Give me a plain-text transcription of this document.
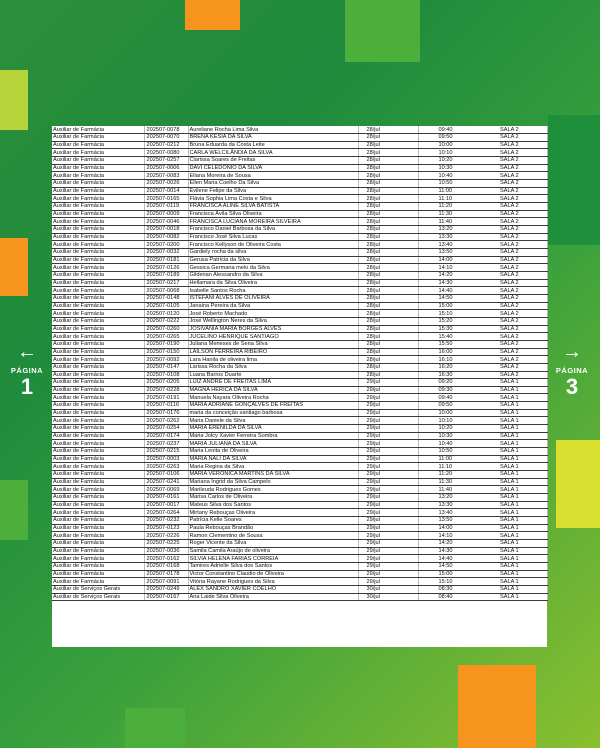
←
PÁGINA
1
→
PÁGINA
3
Auxiliar de Farmácia	202507-0078	Aureliane Rocha Lima Silva	28/jul	09:40	SALA 2
Auxiliar de Farmácia	202507-0070	BRENA KESIA DA SILVA	28/jul	09:50	SALA 2
Auxiliar de Farmácia	202507-0212	Bruna Eduarda da Costa Leite	28/jul	10:00	SALA 2
Auxiliar de Farmácia	202507-0080	CARLA WELCILÂNDIA DA SILVA	28/jul	10:10	SALA 2
Auxiliar de Farmácia	202507-0257	Clarissa Soares de Freitas	28/jul	10:20	SALA 2
Auxiliar de Farmácia	202507-0006	DAVI CELEDONIO DA SILVA	28/jul	10:30	SALA 2
Auxiliar de Farmácia	202507-0083	Eliana Moreira de Sousa	28/jul	10:40	SALA 2
Auxiliar de Farmácia	202507-0026	Ellen Maria Coelho Da Silva	28/jul	10:50	SALA 2
Auxiliar de Farmácia	202507-0014	Evilene Felipe da Silva	28/jul	11:00	SALA 2
Auxiliar de Farmácia	202507-0165	Flávia Sophia Lima Costa e Silva	28/jul	11:10	SALA 2
Auxiliar de Farmácia	202507-0119	FRANCISCA ALINE SILVA BATISTA	28/jul	11:20	SALA 2
Auxiliar de Farmácia	202507-0009	Francisca Ávila Silva Oliveira	28/jul	11:30	SALA 2
Auxiliar de Farmácia	202507-0046	FRANCISCA LUCIANA MOREIRA SILVEIRA	28/jul	11:40	SALA 2
Auxiliar de Farmácia	202507-0018	Francisco Daniel Barbosa da Silva	28/jul	13:20	SALA 2
Auxiliar de Farmácia	202507-0082	Francisco José Silva Lucas	28/jul	13:30	SALA 2
Auxiliar de Farmácia	202507-0200	Francisco Kellyson de Oliveira Costa	28/jul	13:40	SALA 2
Auxiliar de Farmácia	202507-0032	Gardiely rocha da silva	28/jul	13:50	SALA 2
Auxiliar de Farmácia	202507-0181	Gerusa Patrícia da Silva	28/jul	14:00	SALA 2
Auxiliar de Farmácia	202507-0126	Gessica Germana melo da Silva	28/jul	14:10	SALA 2
Auxiliar de Farmácia	202507-0189	Gildenan Alessandro da Silva	28/jul	14:20	SALA 2
Auxiliar de Farmácia	202507-0217	Hellamara da Silva Oliveira	28/jul	14:30	SALA 2
Auxiliar de Farmácia	202507-0068	Isabelle Santos Rocha	28/jul	14:40	SALA 2
Auxiliar de Farmácia	202507-0148	ISTEFANI ALVES DE OLIVEIRA	28/jul	14:50	SALA 2
Auxiliar de Farmácia	202507-0105	Janaina Pereira da Silva	28/jul	15:00	SALA 2
Auxiliar de Farmácia	202507-0120	José Roberto Machado	28/jul	15:10	SALA 2
Auxiliar de Farmácia	202507-0222	José Wellington Neres da Silva	28/jul	15:20	SALA 2
Auxiliar de Farmácia	202507-0260	JOSIVANIA MARIA BORGES ALVES	28/jul	15:30	SALA 2
Auxiliar de Farmácia	202507-0265	JUCELINO HENRIQUE SANTIAGO	28/jul	15:40	SALA 2
Auxiliar de Farmácia	202507-0190	Juliana Meneses de Sena Silva	28/jul	15:50	SALA 2
Auxiliar de Farmácia	202507-0150	LAILSON FERREIRA RIBEIRO	28/jul	16:00	SALA 2
Auxiliar de Farmácia	202507-0092	Lara Hanila de oliveira lima	28/jul	16:10	SALA 2
Auxiliar de Farmácia	202507-0147	Larissa Rocha da Silva	28/jul	16:20	SALA 2
Auxiliar de Farmácia	202507-0108	Luana Barros Duarte	28/jul	16:30	SALA 2
Auxiliar de Farmácia	202507-0205	LUIZ ANDRÉ DE FREITAS LIMA	29/jul	09:20	SALA 1
Auxiliar de Farmácia	202507-0228	MAGNA HERICA DA SILVA	29/jul	09:30	SALA 1
Auxiliar de Farmácia	202507-0191	Manuela Nayara Oliveira Rocha	29/jul	09:40	SALA 1
Auxiliar de Farmácia	202507-0116	MARIA ADRIANE GONÇALVES DE FREITAS	29/jul	09:50	SALA 1
Auxiliar de Farmácia	202507-0176	maria da conceição santiago barbosa	29/jul	10:00	SALA 1
Auxiliar de Farmácia	202507-0262	Maria Daniele da Silva	29/jul	10:10	SALA 1
Auxiliar de Farmácia	202507-0254	MARIA ERENILDA DA SILVA	29/jul	10:20	SALA 1
Auxiliar de Farmácia	202507-0174	Maria Jolcy Xavier Ferreira Sombra	29/jul	10:30	SALA 1
Auxiliar de Farmácia	202507-0237	MARIA JULIANA DA SILVA	29/jul	10:40	SALA 1
Auxiliar de Farmácia	202507-0215	Maria Lenita de Oliveira	29/jul	10:50	SALA 1
Auxiliar de Farmácia	202507-0003	MARIA NALI DA SILVA	29/jul	11:00	SALA 1
Auxiliar de Farmácia	202507-0263	Maria Regina da Silva	29/jul	11:10	SALA 1
Auxiliar de Farmácia	202507-0106	MARIA VERÔNICA MARTINS DA SILVA	29/jul	11:20	SALA 1
Auxiliar de Farmácia	202507-0241	Mariana Ingrid da Silva Campelo	29/jul	11:30	SALA 1
Auxiliar de Farmácia	202507-0069	Marileuda Rodrigues Gomes	29/jul	11:40	SALA 1
Auxiliar de Farmácia	202507-0161	Marisa Carlos de Oliveira	29/jul	13:20	SALA 1
Auxiliar de Farmácia	202507-0017	Mateus Silva dos Santos	29/jul	13:30	SALA 1
Auxiliar de Farmácia	202507-0264	Mirtany Rebouças Oliveira	29/jul	13:40	SALA 1
Auxiliar de Farmácia	202507-0232	Patrícia Kelle Soares	29/jul	13:50	SALA 1
Auxiliar de Farmácia	202507-0123	Paula Rebouças Brandão	29/jul	14:00	SALA 1
Auxiliar de Farmácia	202507-0226	Ramon Clementino de Sousa	29/jul	14:10	SALA 1
Auxiliar de Farmácia	202507-0225	Roger Vicente da Silva	29/jul	14:20	SALA 1
Auxiliar de Farmácia	202507-0036	Samila Camila Araújo de oliveira	29/jul	14:30	SALA 1
Auxiliar de Farmácia	202507-0162	SILVIA HELENA FARIAS CORREIA	29/jul	14:40	SALA 1
Auxiliar de Farmácia	202507-0168	Tamires Adrielle Silva dos Santos	29/jul	14:50	SALA 1
Auxiliar de Farmácia	202507-0178	Victor Constantino Claudio de Oliveira	29/jul	15:00	SALA 1
Auxiliar de Farmácia	202507-0091	Vitória Rayane Rodrigues da Silva	29/jul	15:10	SALA 1
Auxiliar de Serviços Gerais	202507-0249	ALEX SANDRO XAVIER COELHO	30/jul	08:30	SALA 1
Auxiliar de Serviços Gerais	202507-0167	Ana Laide Silva Oliveira	30/jul	08:40	SALA 1
